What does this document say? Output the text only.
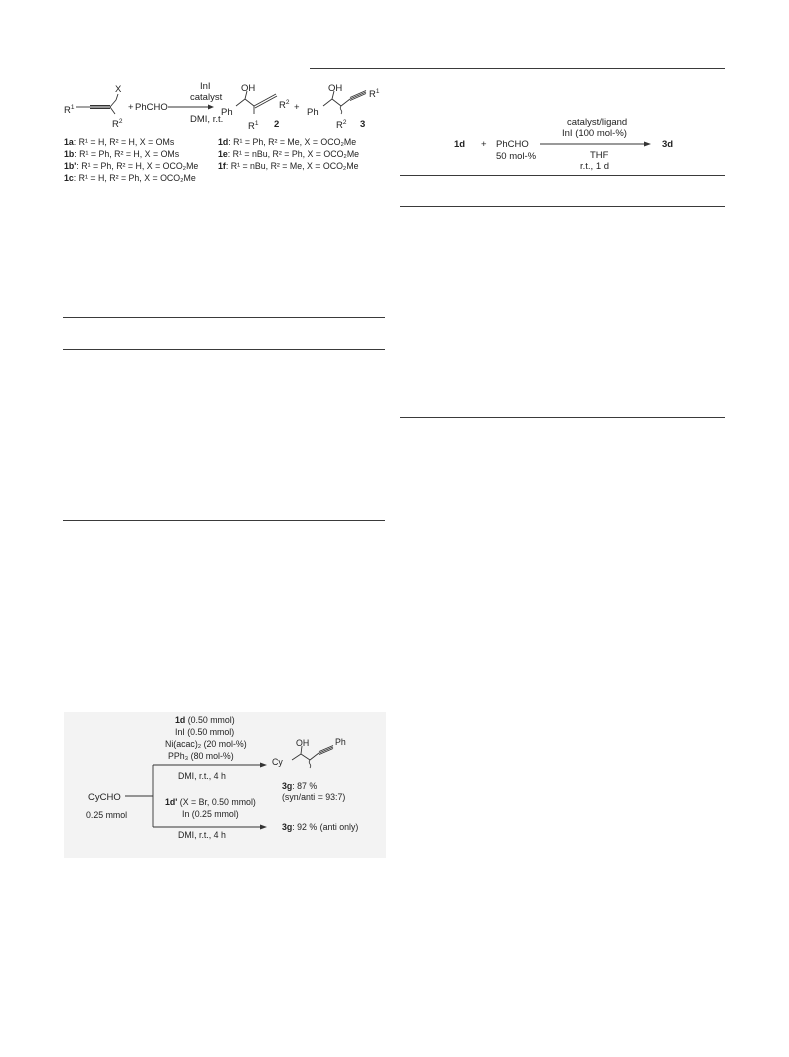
$R^1$
X
$R^2$
+ PhCHO
InI
catalyst
DMI, r.t.
OH
Ph
$R^1$
$R^2$
2
+
OH
Ph
$R^2$
$R^1$
3
1a: R¹ = H, R² = H, X = OMs
1b: R¹ = Ph, R² = H, X = OMs
1b': R¹ = Ph, R² = H, X = OCO₂Me
1c: R¹ = H, R² = Ph, X = OCO₂Me
1d: R¹ = Ph, R² = Me, X = OCO₂Me
1e: R¹ = nBu, R² = Ph, X = OCO₂Me
1f: R¹ = nBu, R² = Me, X = OCO₂Me
1d + PhCHO
50 mol-%
catalyst/ligand
InI (100 mol-%)
THF
r.t., 1 d
3d
1d (0.50 mmol)
InI (0.50 mmol)
Ni(acac)₂ (20 mol-%)
PPh₃ (80 mol-%)
DMI, r.t., 4 h
CyCHO
0.25 mmol
1d' (X = Br, 0.50 mmol)
In (0.25 mmol)
DMI, r.t., 4 h
OH	Ph
Cy
3g: 87 %
(syn/anti = 93:7)
3g: 92 % (anti only)
